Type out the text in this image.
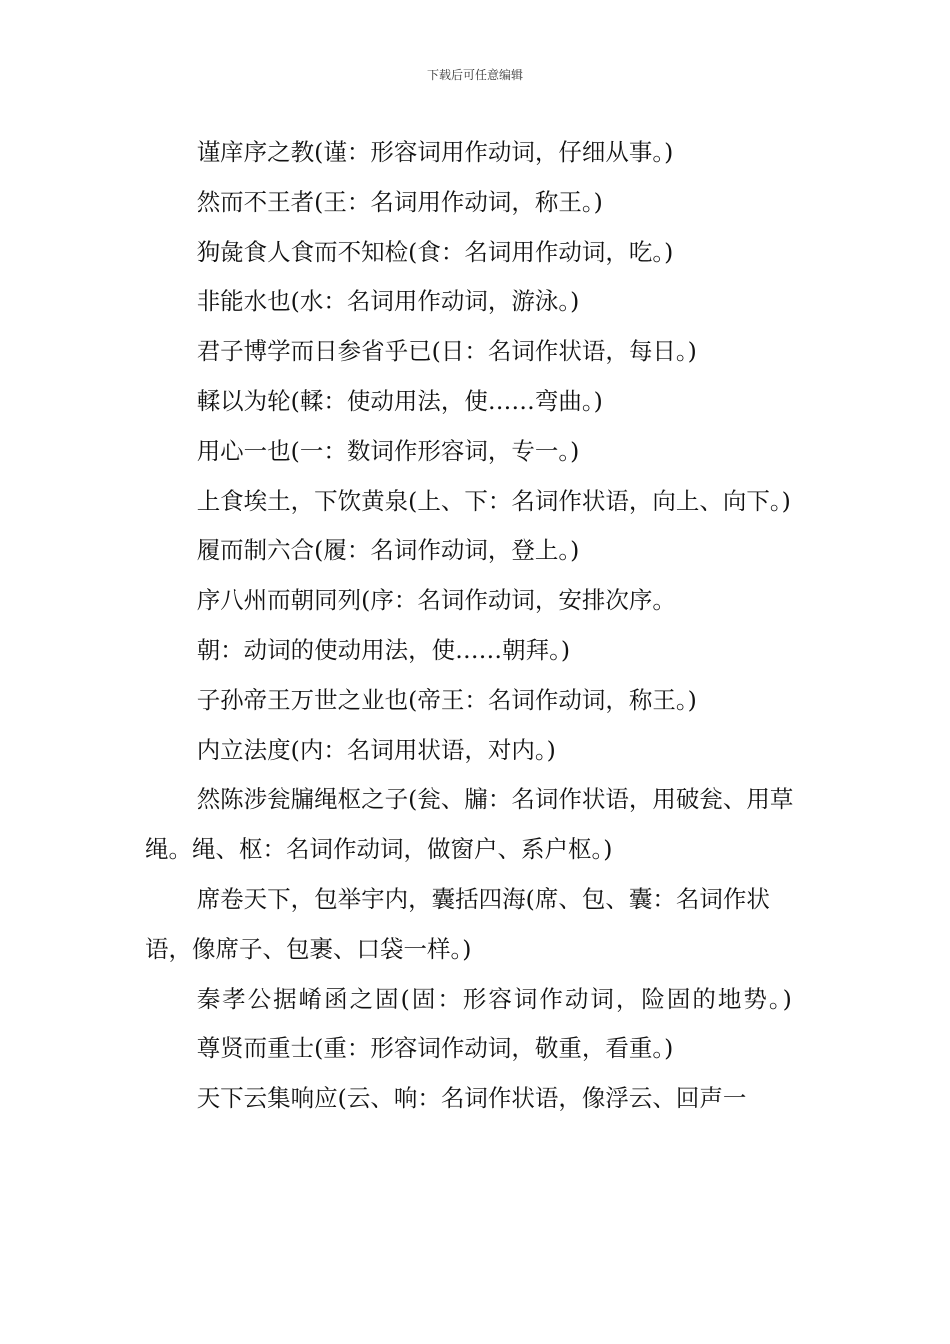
下载后可任意编辑

谨庠序之教(谨：形容词用作动词，仔细从事。)

然而不王者(王：名词用作动词，称王。)

狗彘食人食而不知检(食：名词用作动词，吃。)

非能水也(水：名词用作动词，游泳。)

君子博学而日参省乎已(日：名词作状语，每日。)

輮以为轮(輮：使动用法，使……弯曲。)

用心一也(一：数词作形容词，专一。)

上食埃土，下饮黄泉(上、下：名词作状语，向上、向下。)

履而制六合(履：名词作动词，登上。)

序八州而朝同列(序：名词作动词，安排次序。

朝：动词的使动用法，使……朝拜。)

子孙帝王万世之业也(帝王：名词作动词，称王。)

内立法度(内：名词用状语，对内。)

然陈涉瓮牖绳枢之子(瓮、牖：名词作状语，用破瓮、用草绳。绳、枢：名词作动词，做窗户、系户枢。)

席卷天下，包举宇内，囊括四海(席、包、囊：名词作状语，像席子、包裹、口袋一样。)

秦孝公据崤函之固(固：形容词作动词，险固的地势。)

尊贤而重士(重：形容词作动词，敬重，看重。)

天下云集响应(云、响：名词作状语，像浮云、回声一
